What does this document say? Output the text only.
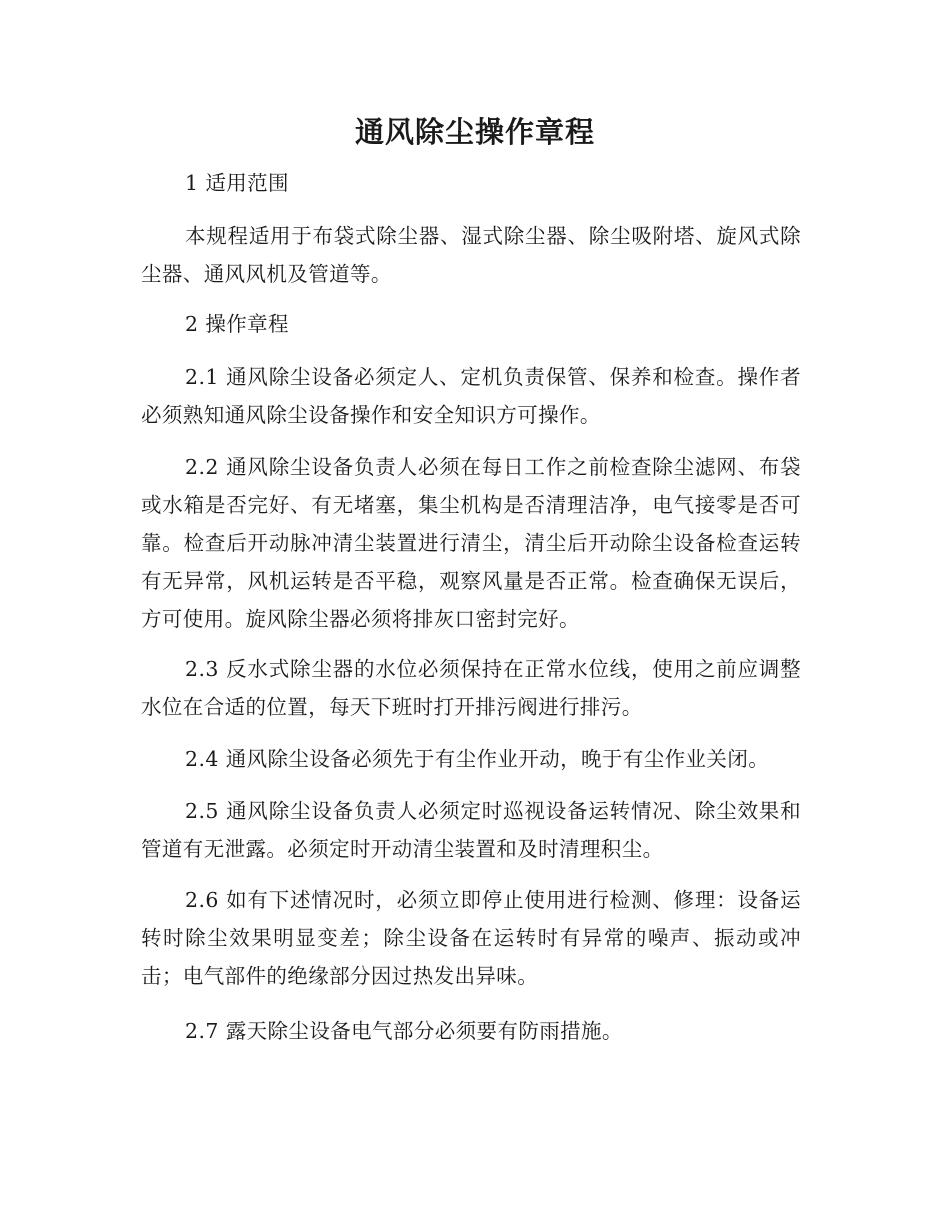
通风除尘操作章程

1 适用范围

本规程适用于布袋式除尘器、湿式除尘器、除尘吸附塔、旋风式除尘器、通风风机及管道等。

2 操作章程

2.1 通风除尘设备必须定人、定机负责保管、保养和检查。操作者必须熟知通风除尘设备操作和安全知识方可操作。

2.2 通风除尘设备负责人必须在每日工作之前检查除尘滤网、布袋或水箱是否完好、有无堵塞，集尘机构是否清理洁净，电气接零是否可靠。检查后开动脉冲清尘装置进行清尘，清尘后开动除尘设备检查运转有无异常，风机运转是否平稳，观察风量是否正常。检查确保无误后，方可使用。旋风除尘器必须将排灰口密封完好。

2.3 反水式除尘器的水位必须保持在正常水位线，使用之前应调整水位在合适的位置，每天下班时打开排污阀进行排污。

2.4 通风除尘设备必须先于有尘作业开动，晚于有尘作业关闭。

2.5 通风除尘设备负责人必须定时巡视设备运转情况、除尘效果和管道有无泄露。必须定时开动清尘装置和及时清理积尘。

2.6 如有下述情况时，必须立即停止使用进行检测、修理：设备运转时除尘效果明显变差；除尘设备在运转时有异常的噪声、振动或冲击；电气部件的绝缘部分因过热发出异味。

2.7 露天除尘设备电气部分必须要有防雨措施。
